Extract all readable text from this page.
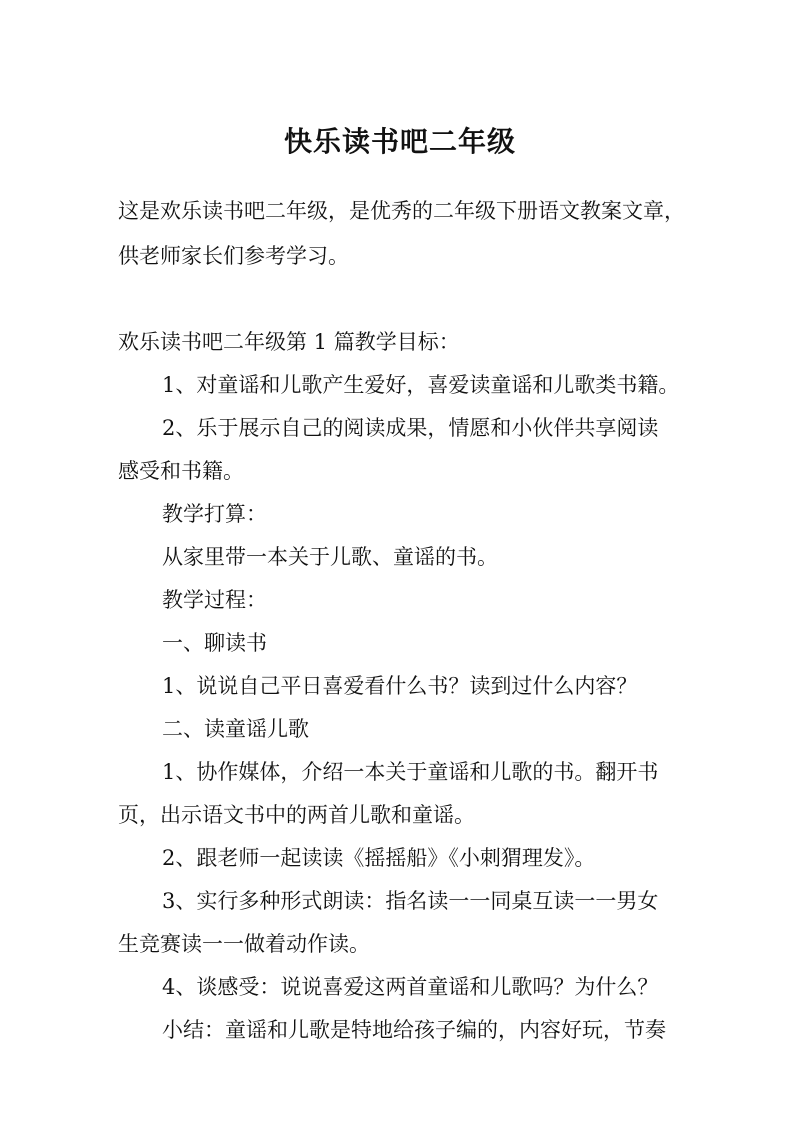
快乐读书吧二年级
这是欢乐读书吧二年级，是优秀的二年级下册语文教案文章，
供老师家长们参考学习。
欢乐读书吧二年级第 1 篇教学目标：
1、对童谣和儿歌产生爱好，喜爱读童谣和儿歌类书籍。
2、乐于展示自己的阅读成果，情愿和小伙伴共享阅读
感受和书籍。
教学打算：
从家里带一本关于儿歌、童谣的书。
教学过程：
一、聊读书
1、说说自己平日喜爱看什么书？读到过什么内容？
二、读童谣儿歌
1、协作媒体，介绍一本关于童谣和儿歌的书。翻开书
页，出示语文书中的两首儿歌和童谣。
2、跟老师一起读读《摇摇船》《小刺猬理发》。
3、实行多种形式朗读：指名读一一同桌互读一一男女
生竞赛读一一做着动作读。
4、谈感受：说说喜爱这两首童谣和儿歌吗？为什么？
小结：童谣和儿歌是特地给孩子编的，内容好玩，节奏
